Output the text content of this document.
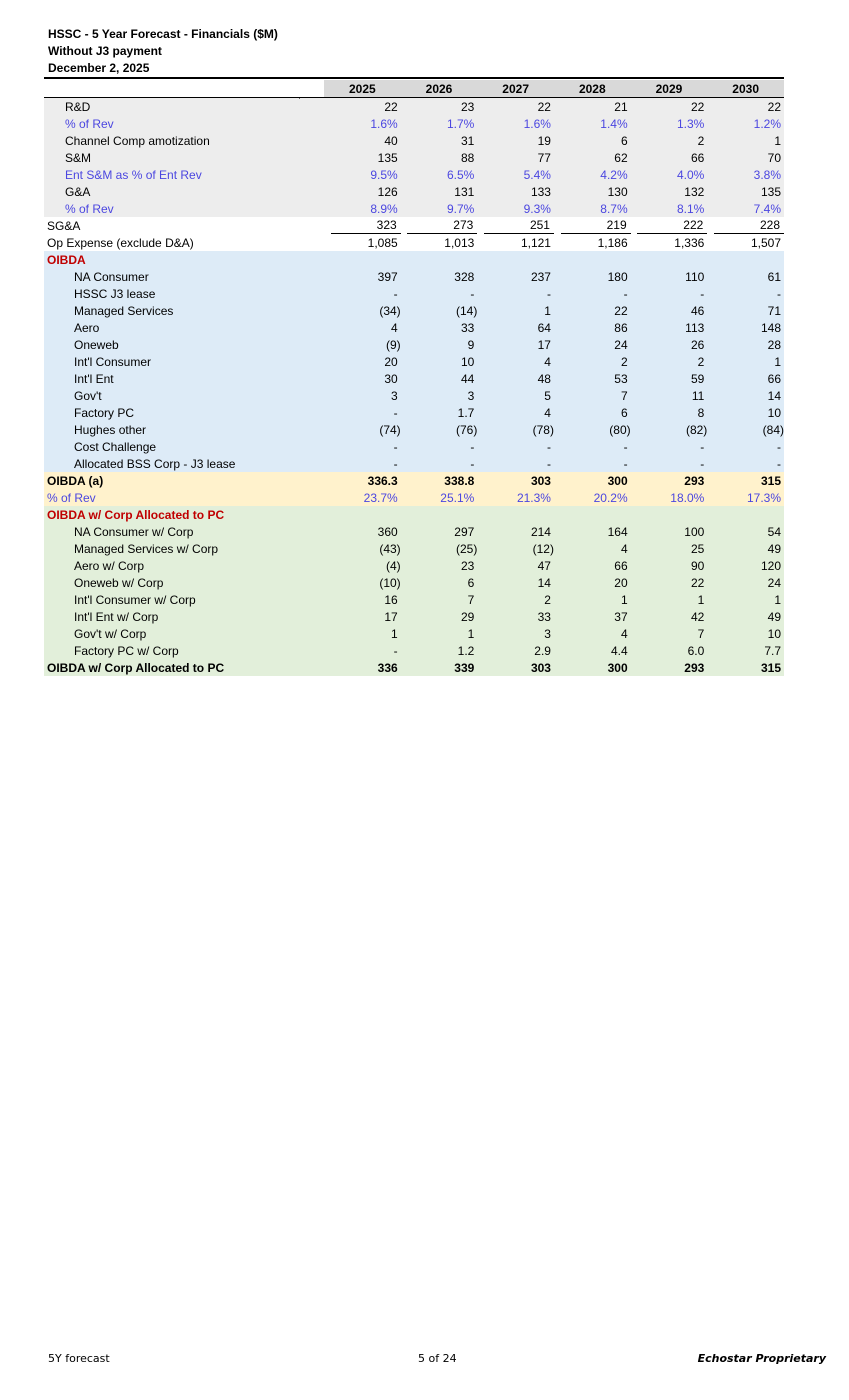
HSSC - 5 Year Forecast - Financials ($M)
Without J3 payment
December 2, 2025
	2025	2026	2027	2028	2029	2030
R&D	22	23	22	21	22	22
% of Rev	1.6%	1.7%	1.6%	1.4%	1.3%	1.2%
Channel Comp amotization	40	31	19	6	2	1
S&M	135	88	77	62	66	70
Ent S&M as % of Ent Rev	9.5%	6.5%	5.4%	4.2%	4.0%	3.8%
G&A	126	131	133	130	132	135
% of Rev	8.9%	9.7%	9.3%	8.7%	8.1%	7.4%
SG&A	323	273	251	219	222	228
Op Expense (exclude D&A)	1,085	1,013	1,121	1,186	1,336	1,507
OIBDA						
NA Consumer	397	328	237	180	110	61
HSSC J3 lease	-	-	-	-	-	-
Managed Services	(34)	(14)	1	22	46	71
Aero	4	33	64	86	113	148
Oneweb	(9)	9	17	24	26	28
Int'l Consumer	20	10	4	2	2	1
Int'l Ent	30	44	48	53	59	66
Gov't	3	3	5	7	11	14
Factory PC	-	1.7	4	6	8	10
Hughes other	(74)	(76)	(78)	(80)	(82)	(84)
Cost Challenge	-	-	-	-	-	-
Allocated BSS Corp - J3 lease	-	-	-	-	-	-
OIBDA (a)	336.3	338.8	303	300	293	315
% of Rev	23.7%	25.1%	21.3%	20.2%	18.0%	17.3%
OIBDA w/ Corp Allocated to PC						
NA Consumer w/ Corp	360	297	214	164	100	54
Managed Services w/ Corp	(43)	(25)	(12)	4	25	49
Aero w/ Corp	(4)	23	47	66	90	120
Oneweb w/ Corp	(10)	6	14	20	22	24
Int'l Consumer w/ Corp	16	7	2	1	1	1
Int'l Ent w/ Corp	17	29	33	37	42	49
Gov't w/ Corp	1	1	3	4	7	10
Factory PC w/ Corp	-	1.2	2.9	4.4	6.0	7.7
OIBDA w/ Corp Allocated to PC	336	339	303	300	293	315
5Y forecast	5 of 24	Echostar Proprietary
